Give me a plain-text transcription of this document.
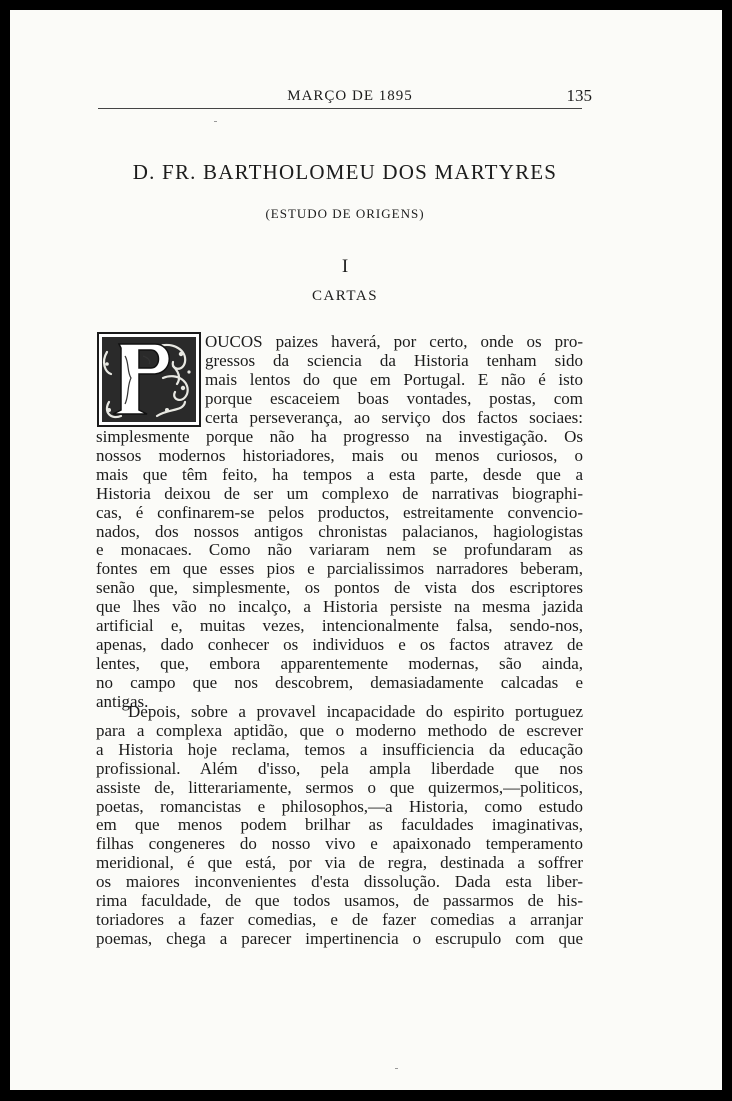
MARÇO DE 1895	135
D. FR. BARTHOLOMEU DOS MARTYRES
(ESTUDO DE ORIGENS)
I
CARTAS
OUCOS paizes haverá, por certo, onde os pro-
gressos da sciencia da Historia tenham sido
mais lentos do que em Portugal. E não é isto
porque escaceiem boas vontades, postas, com
certa perseverança, ao serviço dos factos sociaes:
simplesmente porque não ha progresso na investigação. Os
nossos modernos historiadores, mais ou menos curiosos, o
mais que têm feito, ha tempos a esta parte, desde que a
Historia deixou de ser um complexo de narrativas biographi-
cas, é confinarem-se pelos productos, estreitamente convencio-
nados, dos nossos antigos chronistas palacianos, hagiologistas
e monacaes. Como não variaram nem se profundaram as
fontes em que esses pios e parcialissimos narradores beberam,
senão que, simplesmente, os pontos de vista dos escriptores
que lhes vão no incalço, a Historia persiste na mesma jazida
artificial e, muitas vezes, intencionalmente falsa, sendo-nos,
apenas, dado conhecer os individuos e os factos atravez de
lentes, que, embora apparentemente modernas, são ainda,
no campo que nos descobrem, demasiadamente calcadas e
antigas.
Depois, sobre a provavel incapacidade do espirito portuguez
para a complexa aptidão, que o moderno methodo de escrever
a Historia hoje reclama, temos a insufficiencia da educação
profissional. Além d'isso, pela ampla liberdade que nos
assiste de, litterariamente, sermos o que quizermos,—politicos,
poetas, romancistas e philosophos,—a Historia, como estudo
em que menos podem brilhar as faculdades imaginativas,
filhas congeneres do nosso vivo e apaixonado temperamento
meridional, é que está, por via de regra, destinada a soffrer
os maiores inconvenientes d'esta dissolução. Dada esta liber-
rima faculdade, de que todos usamos, de passarmos de his-
toriadores a fazer comedias, e de fazer comedias a arranjar
poemas, chega a parecer impertinencia o escrupulo com que
